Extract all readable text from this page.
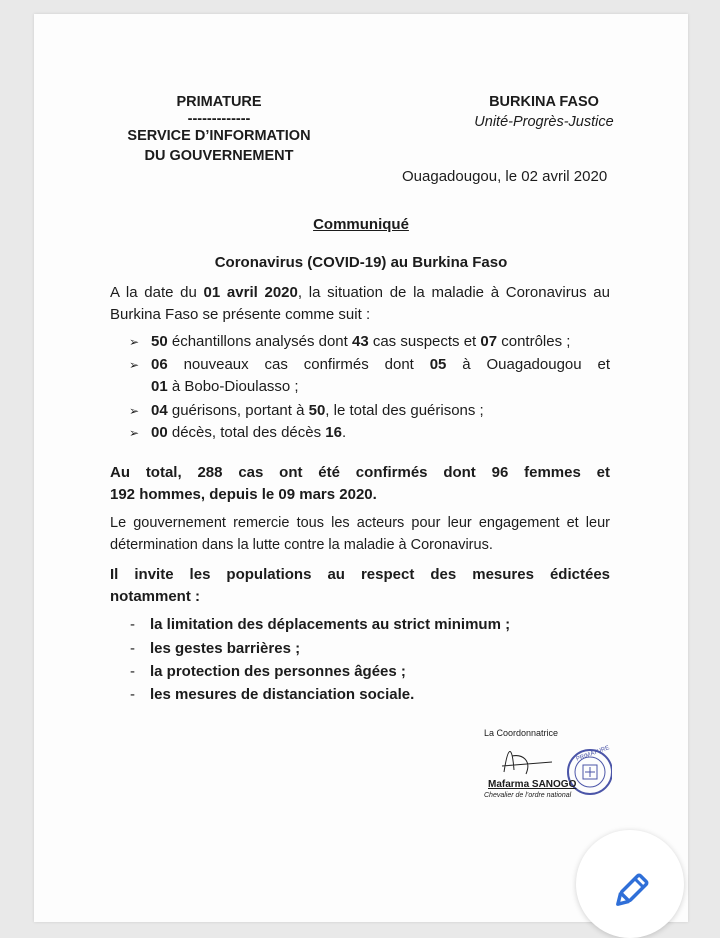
PRIMATURE
-------------
SERVICE D’INFORMATION
DU GOUVERNEMENT
BURKINA FASO
Unité-Progrès-Justice
Ouagadougou, le 02 avril 2020
Communiqué
Coronavirus (COVID-19) au Burkina Faso
A la date du 01 avril 2020, la situation de la maladie à Coronavirus au
Burkina Faso se présente comme suit :
➢ 50 échantillons analysés dont 43 cas suspects et 07 contrôles ;
➢ 06 nouveaux cas confirmés dont 05 à Ouagadougou et
01 à Bobo-Dioulasso ;
➢ 04 guérisons, portant à 50, le total des guérisons ;
➢ 00 décès, total des décès 16.
Au total, 288 cas ont été confirmés dont 96 femmes et
192 hommes, depuis le 09 mars 2020.
Le gouvernement remercie tous les acteurs pour leur engagement et leur
détermination dans la lutte contre la maladie à Coronavirus.
Il invite les populations au respect des mesures édictées
notamment :
- la limitation des déplacements au strict minimum ;
- les gestes barrières ;
- la protection des personnes âgées ;
- les mesures de distanciation sociale.
PRIMATURE
La Coordonnatrice
Mafarma SANOGO
Chevalier de l’ordre national
